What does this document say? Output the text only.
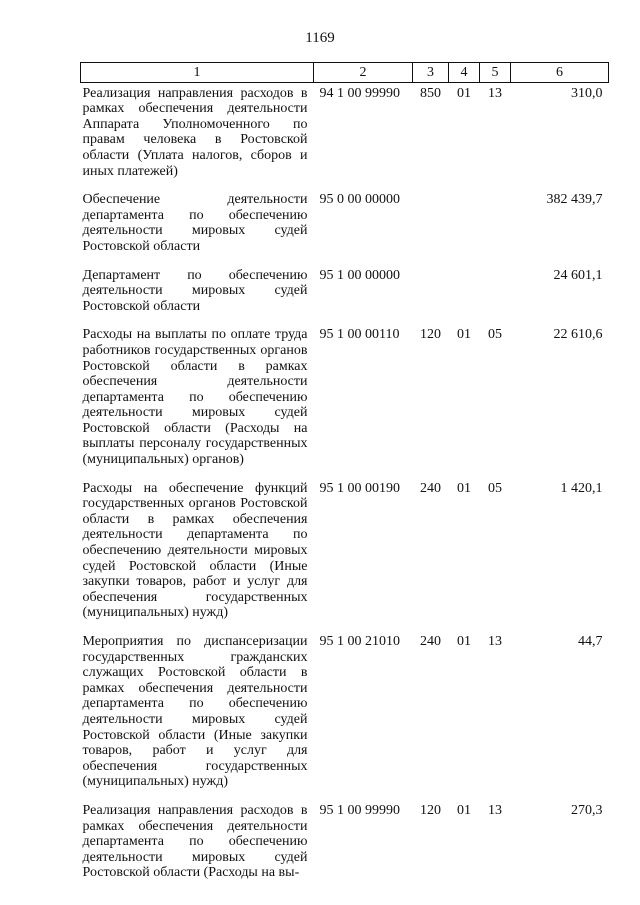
1169
1	2	3	4	5	6
Реализация направления расходов в рамках обеспечения деятельности Аппарата Уполномоченного по правам человека в Ростовской области (Уплата налогов, сборов и иных платежей)	94 1 00 99990	850	01	13	310,0
Обеспечение деятельности департамента по обеспечению деятельности мировых судей Ростовской области	95 0 00 00000				382 439,7
Департамент по обеспечению деятельности мировых судей Ростовской области	95 1 00 00000				24 601,1
Расходы на выплаты по оплате труда работников государственных органов Ростовской области в рамках обеспечения деятельности департамента по обеспечению деятельности мировых судей Ростовской области (Расходы на выплаты персоналу государственных (муниципальных) органов)	95 1 00 00110	120	01	05	22 610,6
Расходы на обеспечение функций государственных органов Ростовской области в рамках обеспечения деятельности департамента по обеспечению деятельности мировых судей Ростовской области (Иные закупки товаров, работ и услуг для обеспечения государственных (муниципальных) нужд)	95 1 00 00190	240	01	05	1 420,1
Мероприятия по диспансеризации государственных гражданских служащих Ростовской области в рамках обеспечения деятельности департамента по обеспечению деятельности мировых судей Ростовской области (Иные закупки товаров, работ и услуг для обеспечения государственных (муниципальных) нужд)	95 1 00 21010	240	01	13	44,7
Реализация направления расходов в рамках обеспечения деятельности департамента по обеспечению деятельности мировых судей Ростовской области (Расходы на вы-	95 1 00 99990	120	01	13	270,3
